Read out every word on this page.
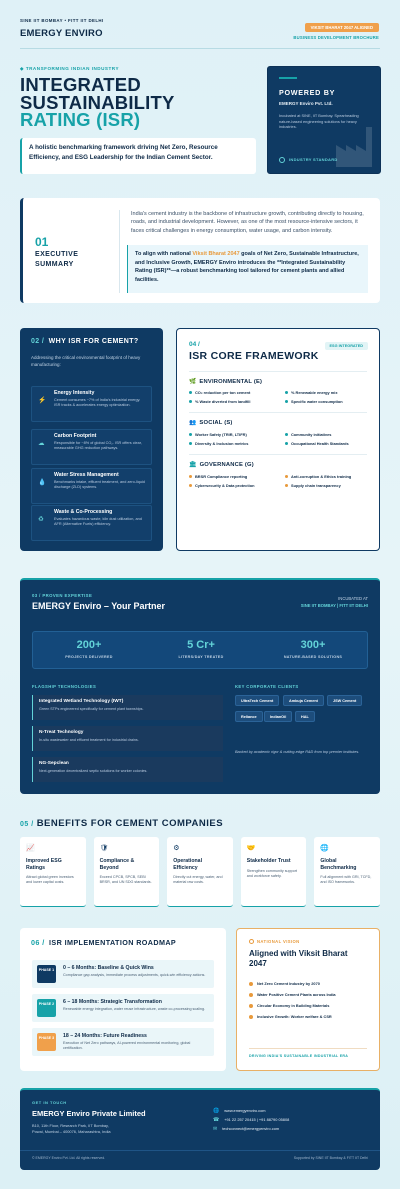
SINE IIT BOMBAY • FITT IIT DELHI
EMERGY ENVIRO
VIKSIT BHARAT 2047 ALIGNED
BUSINESS DEVELOPMENT BROCHURE
◆ TRANSFORMING INDIAN INDUSTRY
INTEGRATED
SUSTAINABILITY
RATING (ISR)
A holistic benchmarking framework driving Net Zero, Resource Efficiency, and ESG Leadership for the Indian Cement Sector.
POWERED BY
EMERGY Enviro Pvt. Ltd.
Incubated at SINE, IIT Bombay. Spearheading nature-based engineering solutions for heavy industries.
INDUSTRY STANDARD
01
EXECUTIVE
SUMMARY
India's cement industry is the backbone of infrastructure growth, contributing directly to housing, roads, and industrial development. However, as one of the most resource-intensive sectors, it faces critical challenges in energy consumption, water usage, and carbon intensity.
To align with national Viksit Bharat 2047 goals of Net Zero, Sustainable Infrastructure, and Inclusive Growth, EMERGY Enviro introduces the **Integrated Sustainability Rating (ISR)**—a robust benchmarking tool tailored for cement plants and allied facilities.
02 / WHY ISR FOR CEMENT?
Addressing the critical environmental footprint of heavy manufacturing:
⚡
Energy Intensity
Cement consumes ~7% of India's industrial energy. ISR tracks & accelerates energy optimization.
☁
Carbon Footprint
Responsible for ~8% of global CO₂. ISR offers clear, measurable GHG reduction pathways.
💧
Water Stress Management
Benchmarks intake, effluent treatment, and zero-liquid discharge (ZLD) systems.
♻
Waste & Co-Processing
Evaluates hazardous waste, kiln dust utilization, and AFR (Alternative Fuels) efficiency.
04 /
ISR CORE FRAMEWORK
ESG INTEGRATED
🌿 ENVIRONMENTAL (E)
CO₂ reduction per ton cement	% Renewable energy mix
% Waste diverted from landfill	Specific water consumption
👥 SOCIAL (S)
Worker Safety (TRIR, LTIFR)	Community initiatives
Diversity & Inclusion metrics	Occupational Health Standards
🏛 GOVERNANCE (G)
BRSR Compliance reporting	Anti-corruption & Ethics training
Cybersecurity & Data protection	Supply chain transparency
03 / PROVEN EXPERTISE
EMERGY Enviro – Your Partner
INCUBATED AT
SINE IIT BOMBAY | FITT IIT DELHI
200+
PROJECTS DELIVERED
5 Cr+
LITERS/DAY TREATED
300+
NATURE-BASED SOLUTIONS
FLAGSHIP TECHNOLOGIES	KEY CORPORATE CLIENTS
Integrated Wetland Technology (IWT)
Green STPs engineered specifically for cement plant townships.
N-Treat Technology
In-situ wastewater and effluent treatment for industrial drains.
NG-Sepclean
Next-generation decentralized septic solutions for worker colonies.
UltraTech Cement	Ambuja Cement	JSW Cement
Reliance	IndianOil	HAL
Backed by academic rigor & cutting-edge R&D from top premier institutes.
05 / BENEFITS FOR CEMENT COMPANIES
📈
Improved ESG Ratings
Attract global green investors and lower capital costs.
🛡
Compliance & Beyond
Exceed CPCB, SPCB, SEBI BRSR, and UN SDG standards.
⚙
Operational Efficiency
Directly cut energy, water, and material raw costs.
🤝
Stakeholder Trust
Strengthen community support and workforce safety.
🌐
Global Benchmarking
Full alignment with GRI, TCFD, and ISO frameworks.
06 / ISR IMPLEMENTATION ROADMAP
PHASE 1	0 – 6 Months: Baseline & Quick Wins
Compliance gap analysis, immediate process adjustments, quick-win efficiency actions.
PHASE 2	6 – 18 Months: Strategic Transformation
Renewable energy integration, water reuse infrastructure, waste co-processing scaling.
PHASE 3	18 – 24 Months: Future Readiness
Execution of Net Zero pathways, AI-powered environmental monitoring, global certification.
NATIONAL VISION
Aligned with Viksit Bharat 2047
Net Zero Cement Industry by 2070
Water Positive Cement Plants across India
Circular Economy in Building Materials
Inclusive Growth: Worker welfare & CSR
DRIVING INDIA'S SUSTAINABLE INDUSTRIAL ERA
GET IN TOUCH
EMERGY Enviro Private Limited
B10, 11th Floor, Research Park, IIT Bombay,
Powai, Mumbai – 400076, Maharashtra, India
🌐 www.emergyenviro.com
☎ +91 22 257 20415 | +91 88790 05808
✉ techconnect@emergyenviro.com
© EMERGY Enviro Pvt. Ltd. All rights reserved.	Supported by SINE IIT Bombay & FITT IIT Delhi
